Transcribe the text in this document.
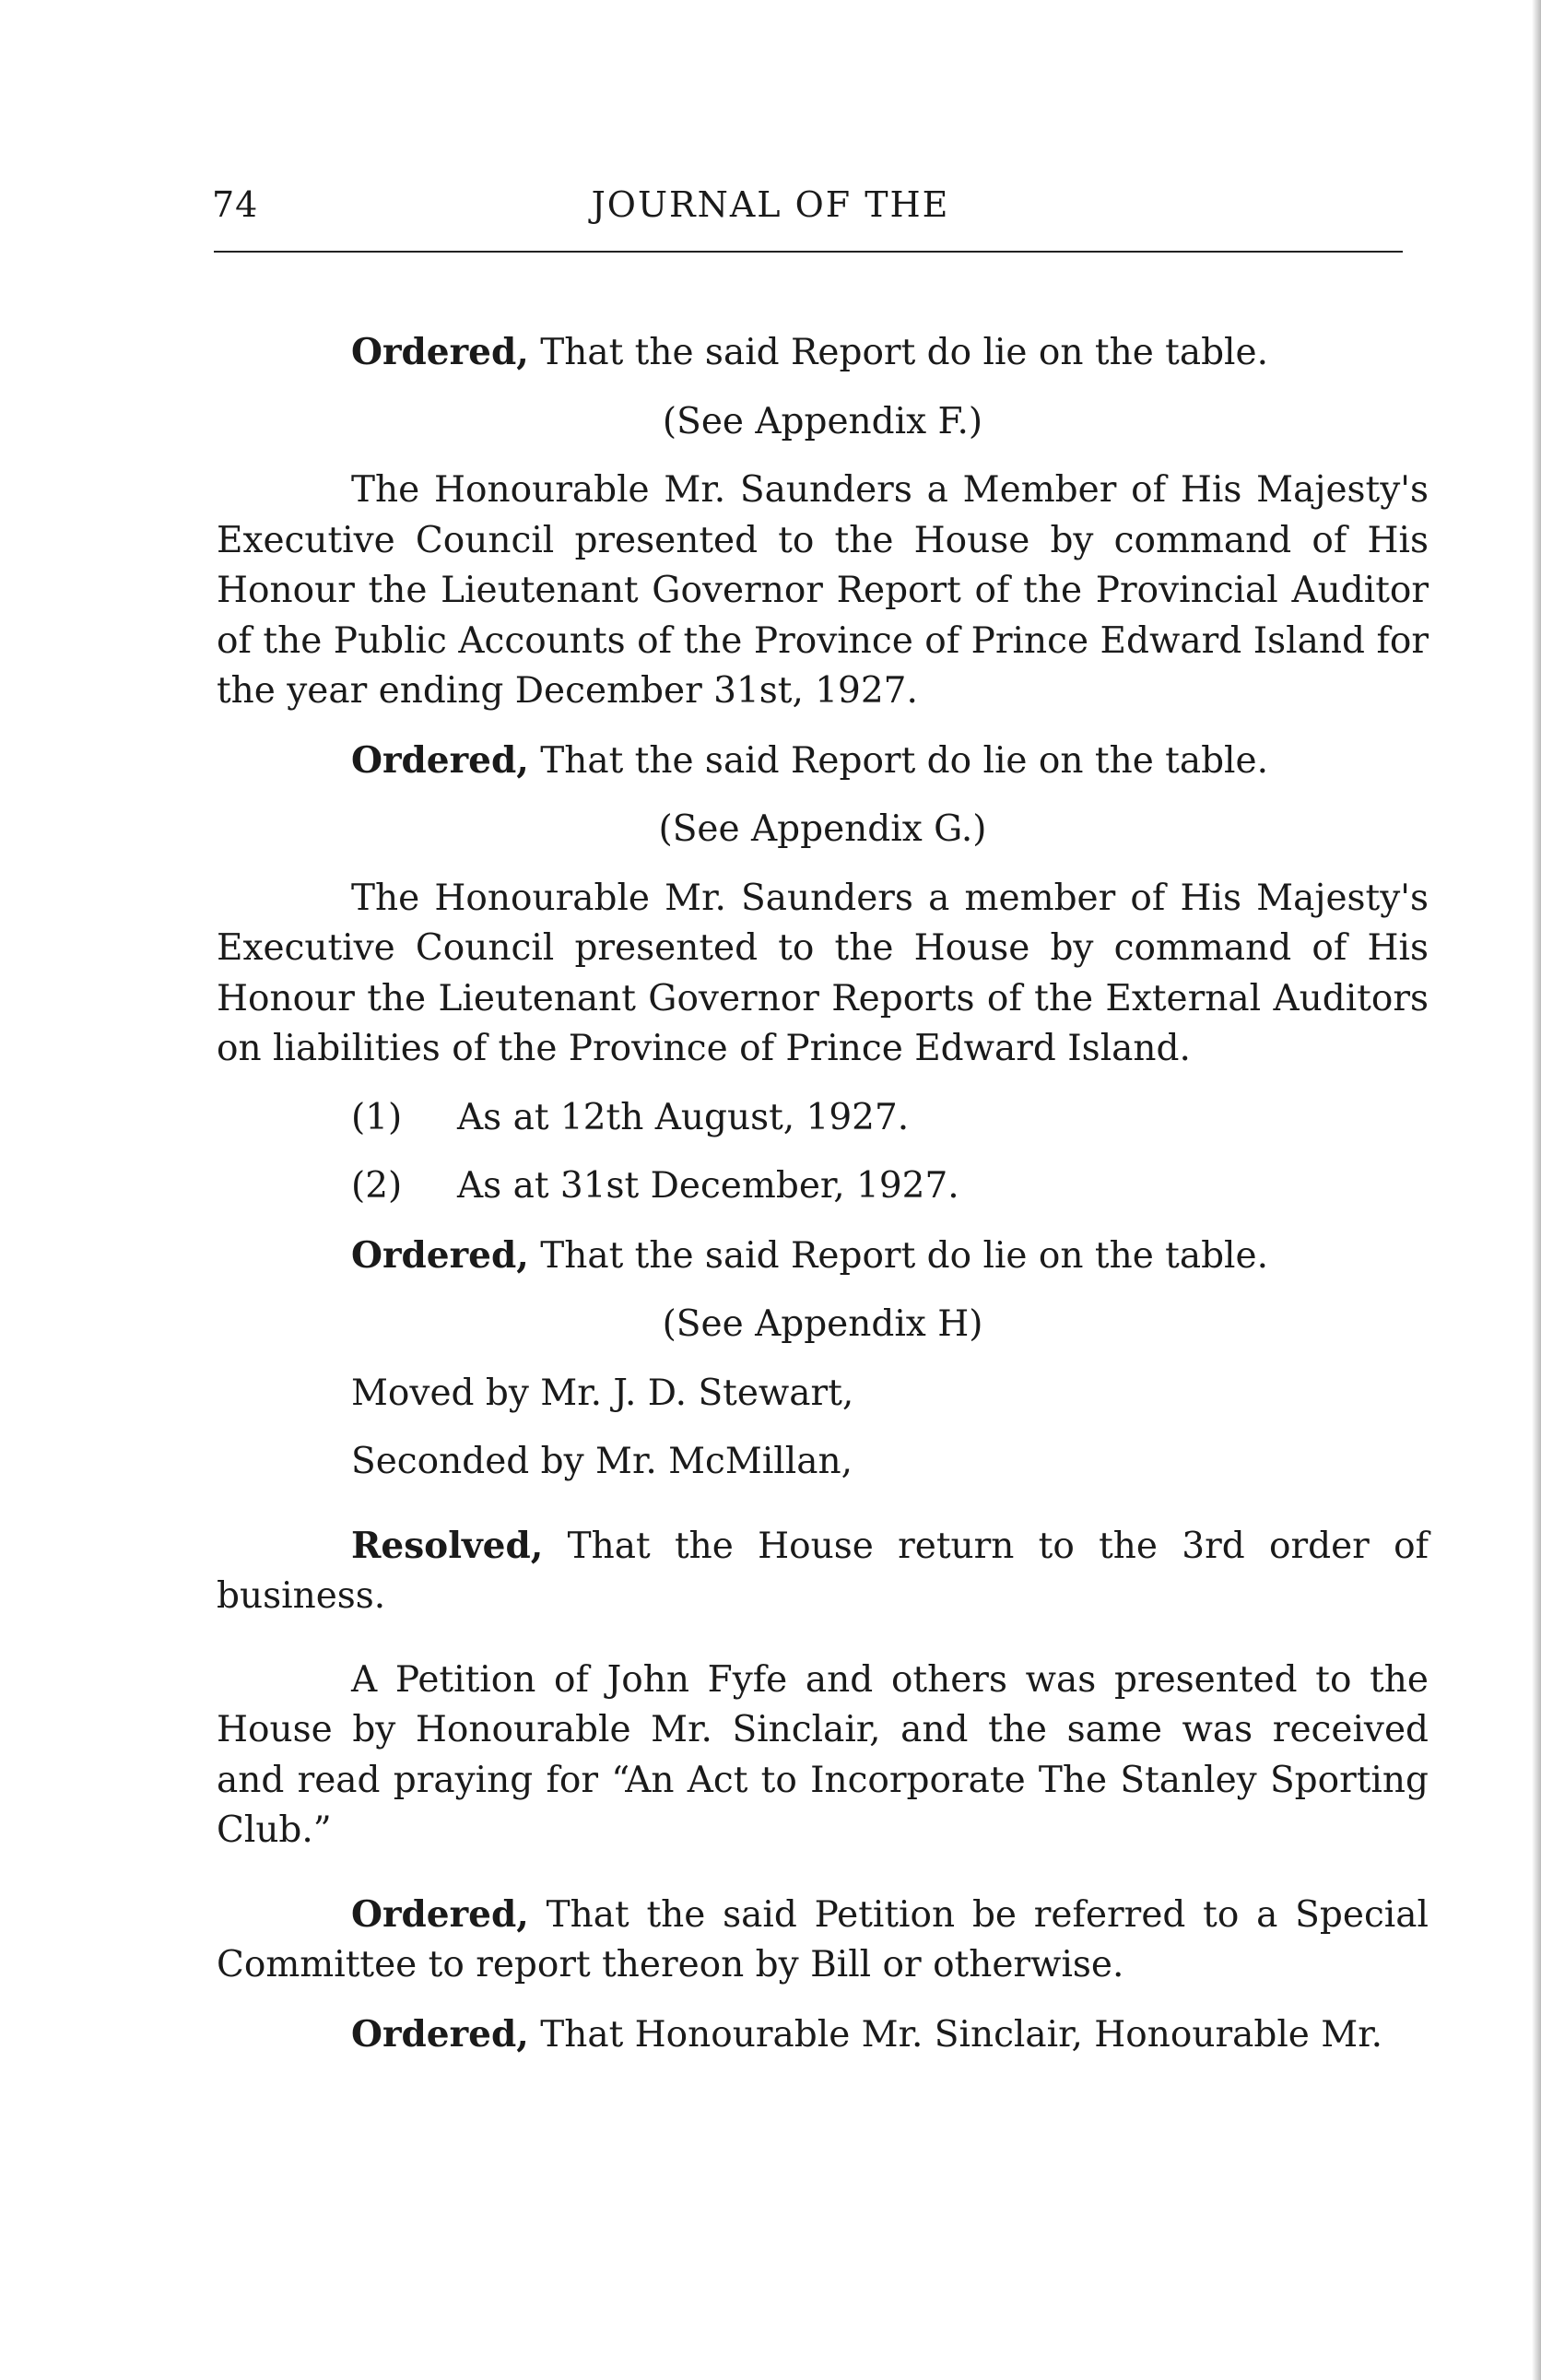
74	JOURNAL OF THE

Ordered, That the said Report do lie on the table.

(See Appendix F.)

The Honourable Mr. Saunders a Member of His Majesty's Executive Council presented to the House by command of His Honour the Lieutenant Governor Report of the Provincial Auditor of the Public Accounts of the Province of Prince Edward Island for the year ending December 31st, 1927.

Ordered, That the said Report do lie on the table.

(See Appendix G.)

The Honourable Mr. Saunders a member of His Majesty's Executive Council presented to the House by command of His Honour the Lieutenant Governor Reports of the External Auditors on liabilities of the Province of Prince Edward Island.

(1) As at 12th August, 1927.

(2) As at 31st December, 1927.

Ordered, That the said Report do lie on the table.

(See Appendix H)

Moved by Mr. J. D. Stewart,

Seconded by Mr. McMillan,

Resolved, That the House return to the 3rd order of business.

A Petition of John Fyfe and others was presented to the House by Honourable Mr. Sinclair, and the same was received and read praying for “An Act to Incorporate The Stanley Sporting Club.”

Ordered, That the said Petition be referred to a Special Committee to report thereon by Bill or otherwise.

Ordered, That Honourable Mr. Sinclair, Honourable Mr.
